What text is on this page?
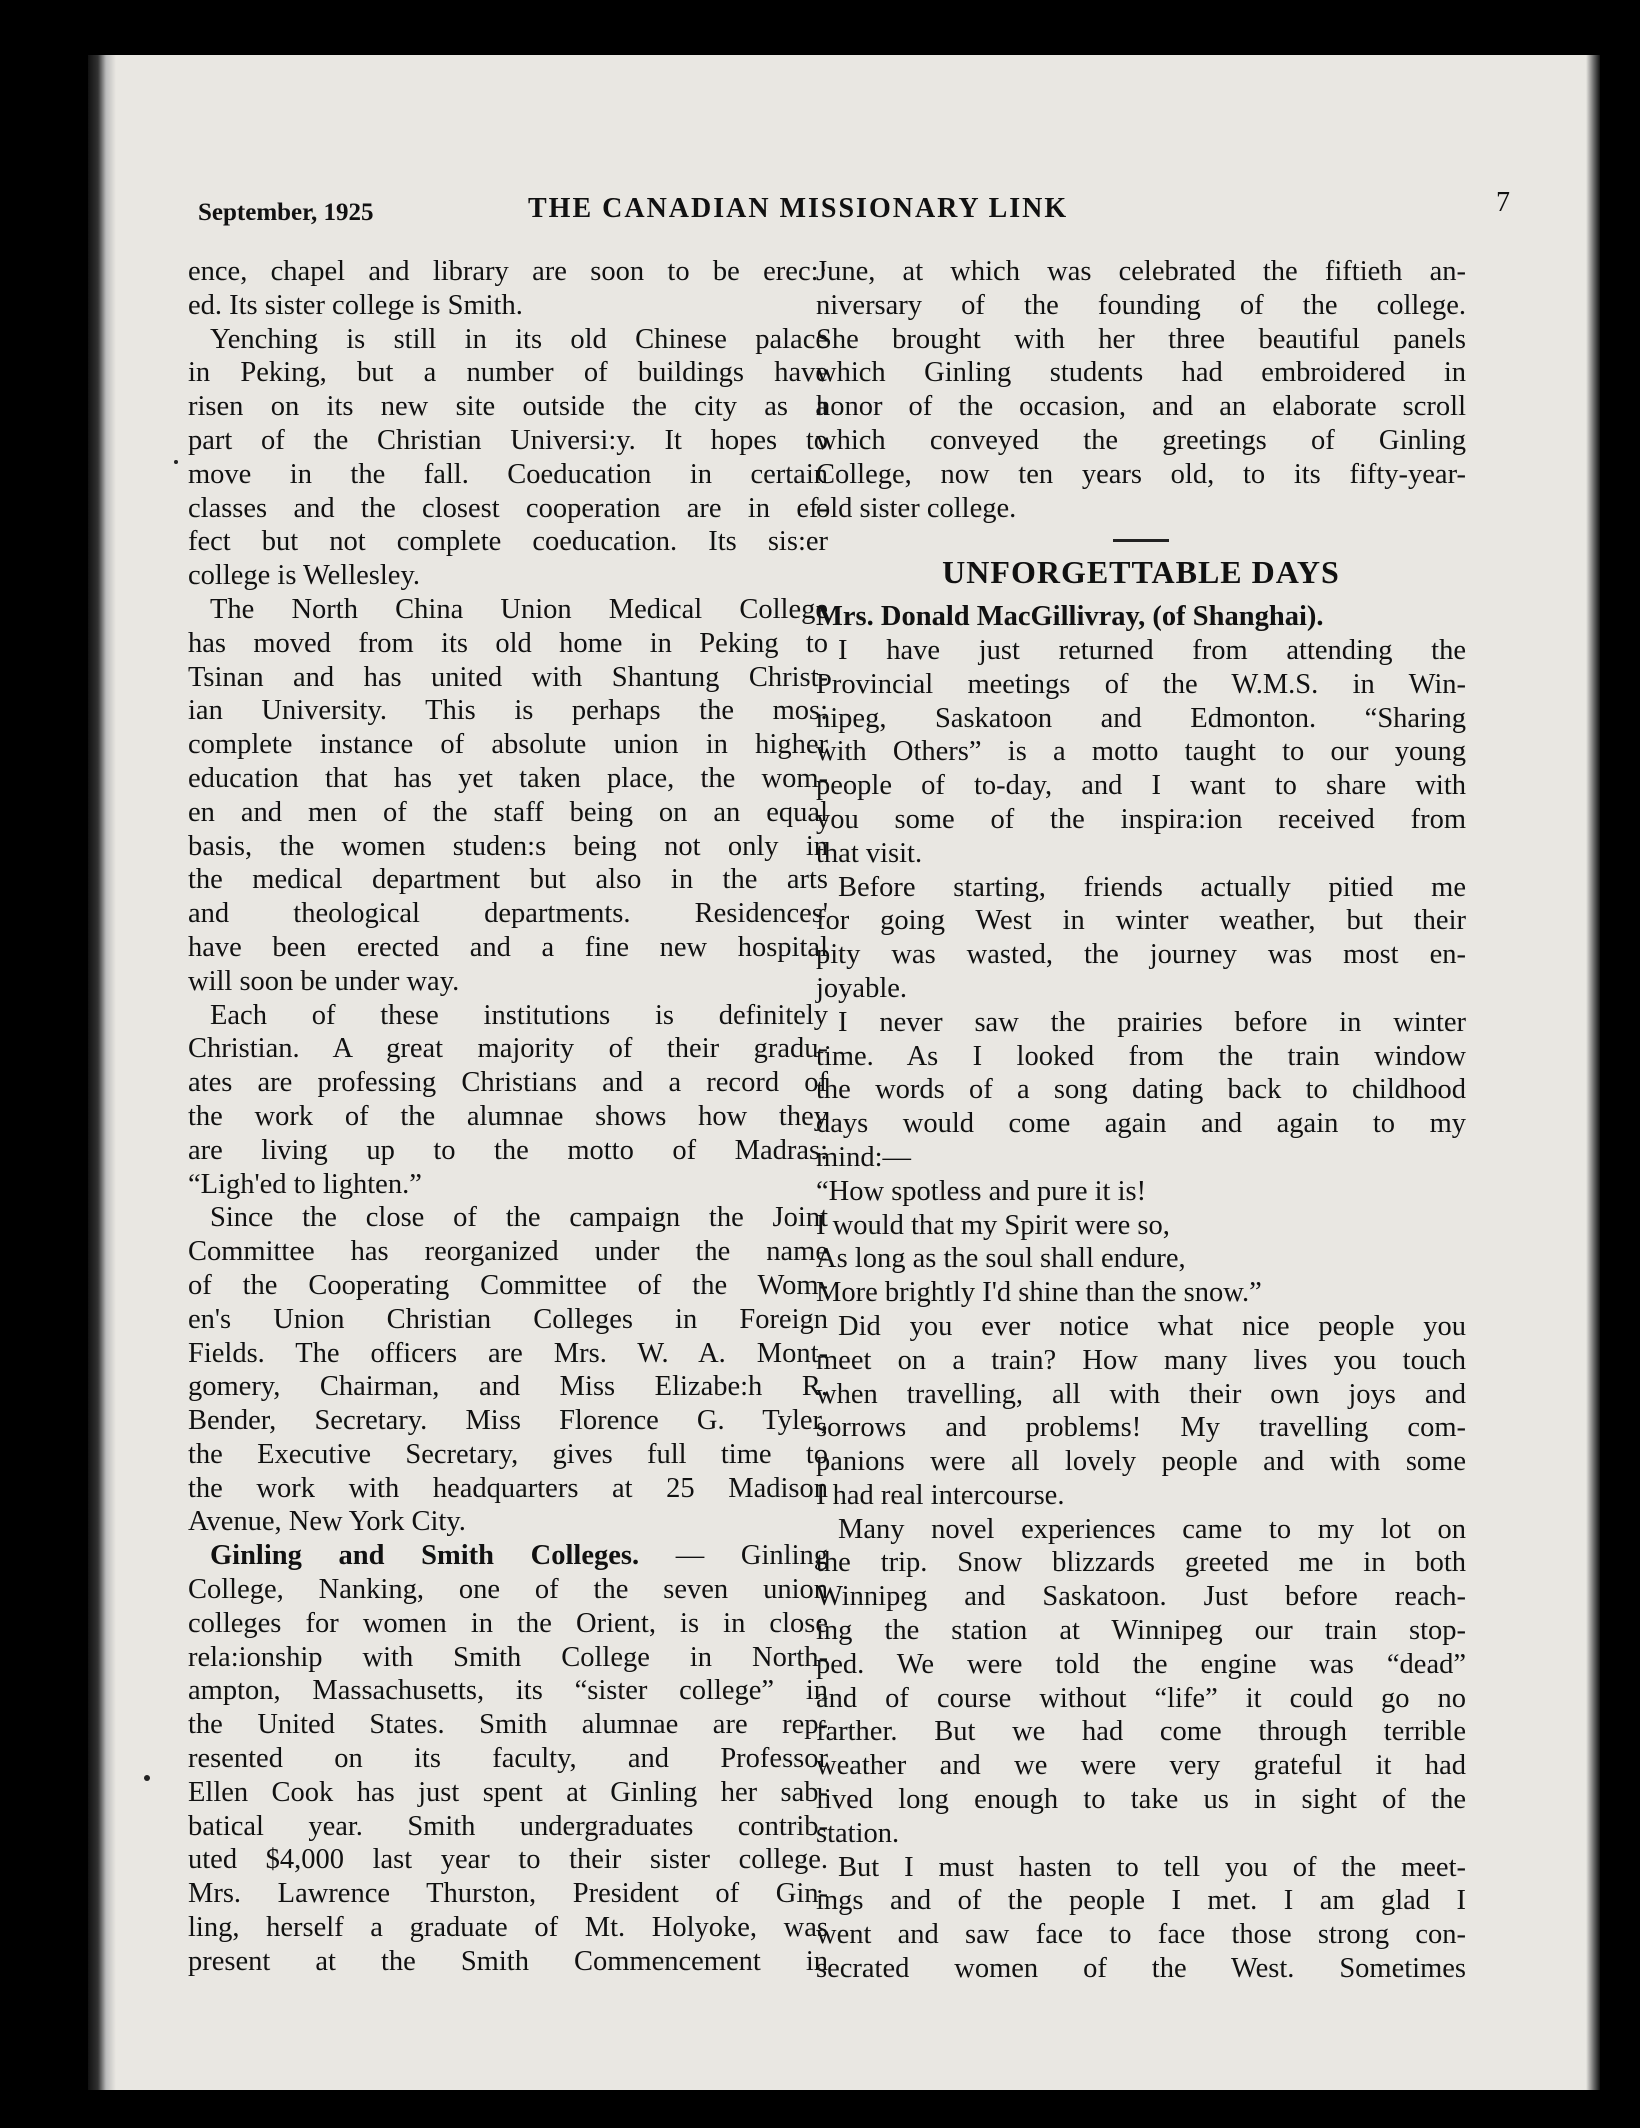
September, 1925	THE CANADIAN MISSIONARY LINK	7
ence, chapel and library are soon to be erec:·
ed. Its sister college is Smith.
Yenching is still in its old Chinese palace
in Peking, but a number of buildings have
risen on its new site outside the city as a
part of the Christian Universi:y. It hopes to
move in the fall. Coeducation in certain
classes and the closest cooperation are in ef-
fect but not complete coeducation. Its sis:er
college is Wellesley.
The North China Union Medical College
has moved from its old home in Peking to
Tsinan and has united with Shantung Christ-
ian University. This is perhaps the mos:
complete instance of absolute union in higher
education that has yet taken place, the wom-
en and men of the staff being on an equal
basis, the women studen:s being not only in
the medical department but also in the arts
and theological departments. Residences'
have been erected and a fine new hospital
will soon be under way.
Each of these institutions is definitely
Christian. A great majority of their gradu-
ates are professing Christians and a record of
the work of the alumnae shows how they
are living up to the motto of Madras:
“Ligh'ed to lighten.”
Since the close of the campaign the Joint
Committee has reorganized under the name
of the Cooperating Committee of the Wom-
en's Union Christian Colleges in Foreign
Fields. The officers are Mrs. W. A. Mont-
gomery, Chairman, and Miss Elizabe:h R.
Bender, Secretary. Miss Florence G. Tyler,
the Executive Secretary, gives full time to
the work with headquarters at 25 Madison
Avenue, New York City.
Ginling and Smith Colleges. — Ginling
College, Nanking, one of the seven union
colleges for women in the Orient, is in close
rela:ionship with Smith College in North-
ampton, Massachusetts, its “sister college” in
the United States. Smith alumnae are rep-
resented on its faculty, and Professor
Ellen Cook has just spent at Ginling her sab-
batical year. Smith undergraduates contrib-
uted $4,000 last year to their sister college.
Mrs. Lawrence Thurston, President of Gin-
ling, herself a graduate of Mt. Holyoke, was
present at the Smith Commencement in
June, at which was celebrated the fiftieth an-
niversary of the founding of the college.
She brought with her three beautiful panels
which Ginling students had embroidered in
honor of the occasion, and an elaborate scroll
which conveyed the greetings of Ginling
College, now ten years old, to its fifty-year-
old sister college.
UNFORGETTABLE DAYS
Mrs. Donald MacGillivray, (of Shanghai).
I have just returned from attending the
Provincial meetings of the W.M.S. in Win-
nipeg, Saskatoon and Edmonton. “Sharing
with Others” is a motto taught to our young
people of to-day, and I want to share with
you some of the inspira:ion received from
that visit.
Before starting, friends actually pitied me
for going West in winter weather, but their
pity was wasted, the journey was most en-
joyable.
I never saw the prairies before in winter
time. As I looked from the train window
the words of a song dating back to childhood
days would come again and again to my
mind:—
“How spotless and pure it is!
I would that my Spirit were so,
As long as the soul shall endure,
More brightly I'd shine than the snow.”
Did you ever notice what nice people you
meet on a train? How many lives you touch
when travelling, all with their own joys and
sorrows and problems! My travelling com-
panions were all lovely people and with some
I had real intercourse.
Many novel experiences came to my lot on
the trip. Snow blizzards greeted me in both
Winnipeg and Saskatoon. Just before reach-
ing the station at Winnipeg our train stop-
ped. We were told the engine was “dead”
and of course without “life” it could go no
farther. But we had come through terrible
weather and we were very grateful it had
lived long enough to take us in sight of the
station.
But I must hasten to tell you of the meet-
ings and of the people I met. I am glad I
went and saw face to face those strong con-
secrated women of the West. Sometimes
